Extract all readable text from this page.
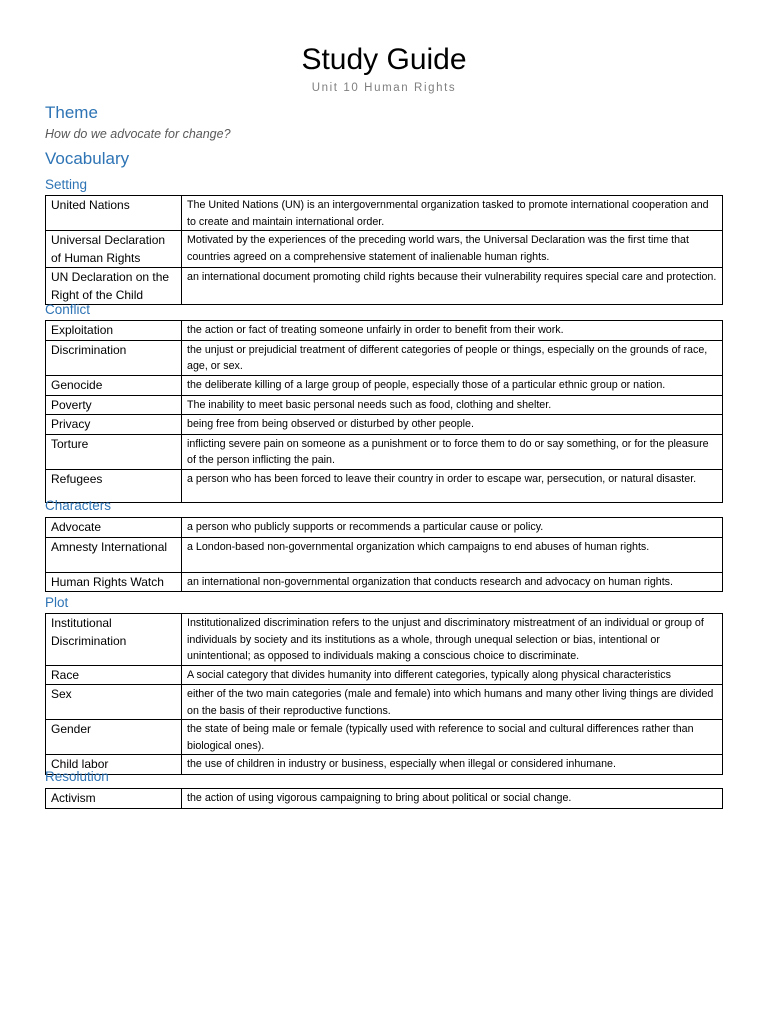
Study Guide
Unit 10 Human Rights
Theme
How do we advocate for change?
Vocabulary
Setting
United Nations	The United Nations (UN) is an intergovernmental organization tasked to promote international cooperation and to create and maintain international order.
Universal Declaration of Human Rights	Motivated by the experiences of the preceding world wars, the Universal Declaration was the first time that countries agreed on a comprehensive statement of inalienable human rights.
UN Declaration on the Right of the Child	an international document promoting child rights because their vulnerability requires special care and protection.
Conflict
Exploitation	the action or fact of treating someone unfairly in order to benefit from their work.
Discrimination	the unjust or prejudicial treatment of different categories of people or things, especially on the grounds of race, age, or sex.
Genocide	the deliberate killing of a large group of people, especially those of a particular ethnic group or nation.
Poverty	The inability to meet basic personal needs such as food, clothing and shelter.
Privacy	being free from being observed or disturbed by other people.
Torture	inflicting severe pain on someone as a punishment or to force them to do or say something, or for the pleasure of the person inflicting the pain.
Refugees	a person who has been forced to leave their country in order to escape war, persecution, or natural disaster.
Characters
Advocate	a person who publicly supports or recommends a particular cause or policy.
Amnesty International	a London-based non-governmental organization which campaigns to end abuses of human rights.
Human Rights Watch	an international non-governmental organization that conducts research and advocacy on human rights.
Plot
Institutional Discrimination	Institutionalized discrimination refers to the unjust and discriminatory mistreatment of an individual or group of individuals by society and its institutions as a whole, through unequal selection or bias, intentional or unintentional; as opposed to individuals making a conscious choice to discriminate.
Race	A social category that divides humanity into different categories, typically along physical characteristics
Sex	either of the two main categories (male and female) into which humans and many other living things are divided on the basis of their reproductive functions.
Gender	the state of being male or female (typically used with reference to social and cultural differences rather than biological ones).
Child labor	the use of children in industry or business, especially when illegal or considered inhumane.
Resolution
Activism	the action of using vigorous campaigning to bring about political or social change.
